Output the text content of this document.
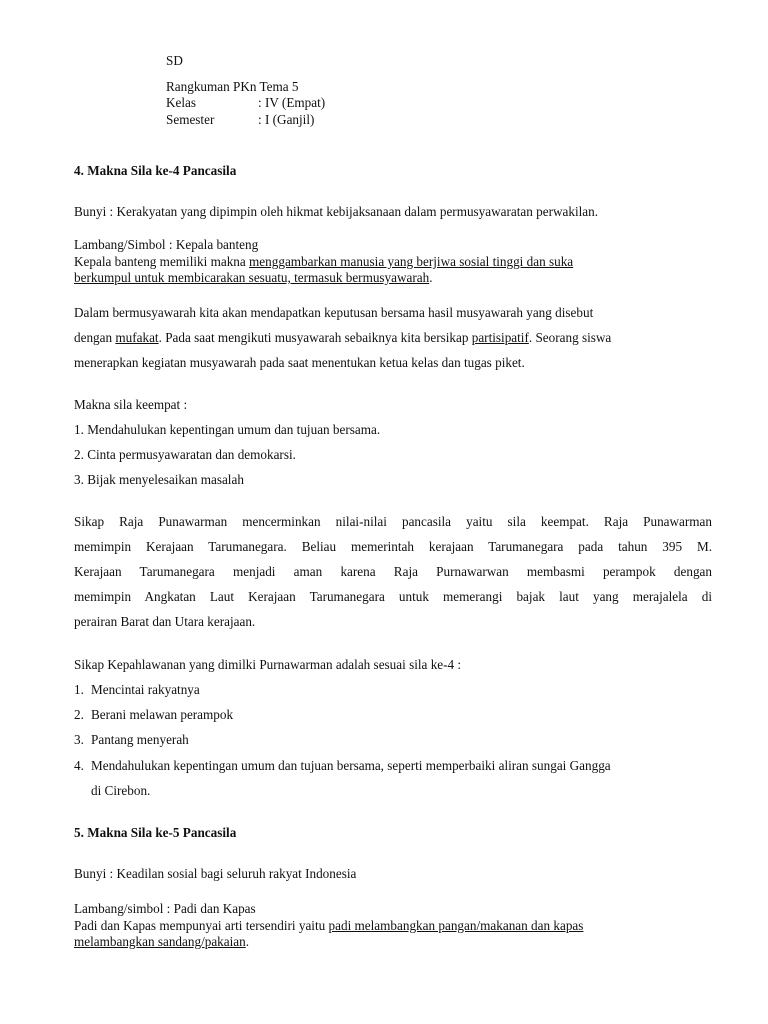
SD
Rangkuman PKn Tema 5
Kelas	: IV (Empat)
Semester	: I (Ganjil)
4. Makna Sila ke-4 Pancasila
Bunyi : Kerakyatan yang dipimpin oleh hikmat kebijaksanaan dalam permusyawaratan perwakilan.
Lambang/Simbol : Kepala banteng
Kepala banteng memiliki makna menggambarkan manusia yang berjiwa sosial tinggi dan suka
berkumpul untuk membicarakan sesuatu, termasuk bermusyawarah.
Dalam bermusyawarah kita akan mendapatkan keputusan bersama hasil musyawarah yang disebut
dengan mufakat. Pada saat mengikuti musyawarah sebaiknya kita bersikap partisipatif. Seorang siswa
menerapkan kegiatan musyawarah pada saat menentukan ketua kelas dan tugas piket.
Makna sila keempat :
1. Mendahulukan kepentingan umum dan tujuan bersama.
2. Cinta permusyawaratan dan demokarsi.
3. Bijak menyelesaikan masalah
Sikap Raja Punawarman mencerminkan nilai-nilai pancasila yaitu sila keempat. Raja Punawarman
memimpin Kerajaan Tarumanegara. Beliau memerintah kerajaan Tarumanegara pada tahun 395 M.
Kerajaan Tarumanegara menjadi aman karena Raja Purnawarwan membasmi perampok dengan
memimpin Angkatan Laut Kerajaan Tarumanegara untuk memerangi bajak laut yang merajalela di
perairan Barat dan Utara kerajaan.
Sikap Kepahlawanan yang dimilki Purnawarman adalah sesuai sila ke-4 :
1. Mencintai rakyatnya
2. Berani melawan perampok
3. Pantang menyerah
4. Mendahulukan kepentingan umum dan tujuan bersama, seperti memperbaiki aliran sungai Gangga
di Cirebon.
5. Makna Sila ke-5 Pancasila
Bunyi : Keadilan sosial bagi seluruh rakyat Indonesia
Lambang/simbol : Padi dan Kapas
Padi dan Kapas mempunyai arti tersendiri yaitu padi melambangkan pangan/makanan dan kapas
melambangkan sandang/pakaian.
